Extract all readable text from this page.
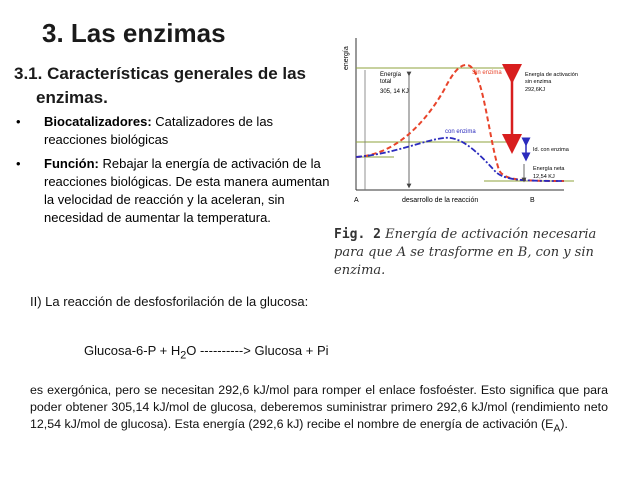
3. Las enzimas
3.1. Características generales de las
enzimas.
• Biocatalizadores: Catalizadores de las reacciones biológicas
• Función: Rebajar la energía de activación de la reacciones biológicas. De esta manera aumentan la velocidad de reacción y la aceleran, sin necesidad de aumentar la temperatura.
energía
Energía
total
305, 14 KJ
Sin enzima
con enzima
Energía de activación
sin enzima
292,6KJ
Id. con enzima
Energía neta
12,54 KJ
A	B
desarrollo de la reacción
Fig. 2 Energía de activación necesaria para que A se trasforme en B, con y sin enzima.
II) La reacción de desfosforilación de la glucosa:
$Glucosa-6-P + H_2O$ ----------> Glucosa + Pi
es exergónica, pero se necesitan 292,6 kJ/mol para romper el enlace fosfoéster. Esto significa que para poder obtener 305,14 kJ/mol de glucosa, deberemos suministrar primero 292,6 kJ/mol (rendimiento neto 12,54 kJ/mol de glucosa). Esta energía (292,6 kJ) recibe el nombre de energía de activación $(E_A)$.
